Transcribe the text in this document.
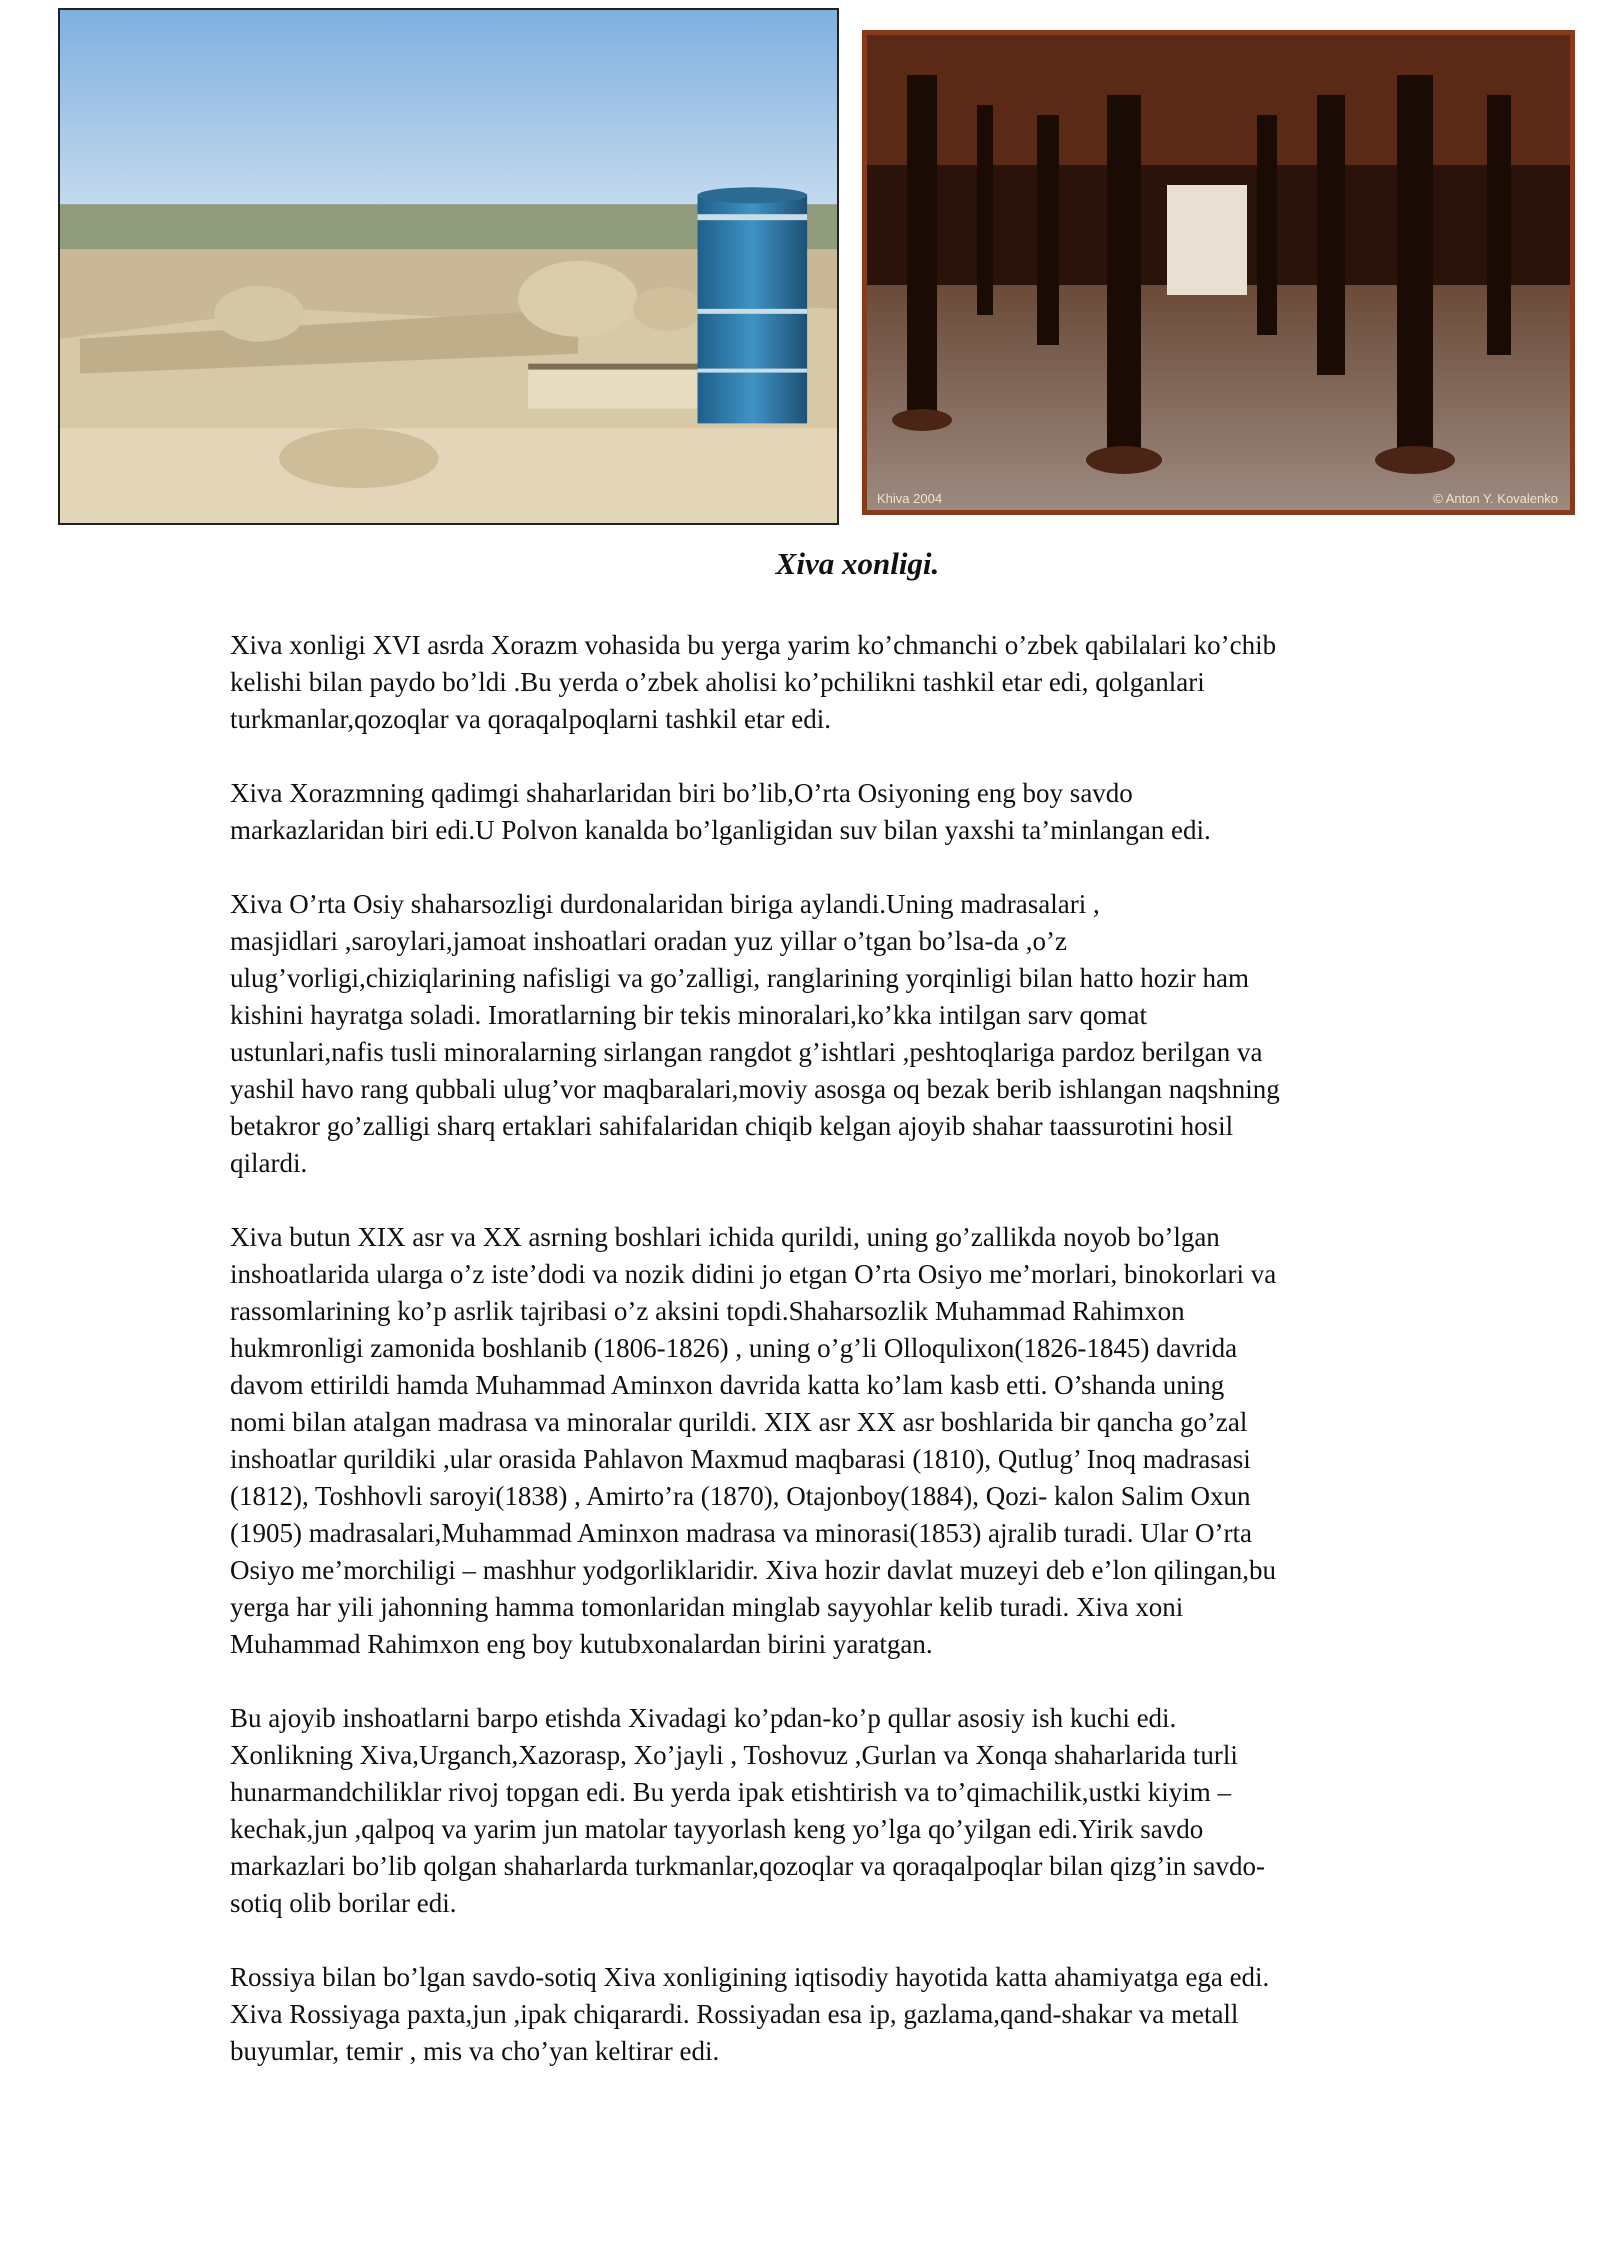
Khiva 2004	© Anton Y. Kovalenko
Xiva xonligi.

Xiva xonligi XVI asrda Xorazm vohasida bu yerga yarim ko’chmanchi o’zbek qabilalari ko’chib
kelishi bilan paydo bo’ldi .Bu yerda o’zbek aholisi ko’pchilikni tashkil etar edi, qolganlari
turkmanlar,qozoqlar va qoraqalpoqlarni tashkil etar edi.

Xiva Xorazmning qadimgi shaharlaridan biri bo’lib,O’rta Osiyoning eng boy savdo
markazlaridan biri edi.U Polvon kanalda bo’lganligidan suv bilan yaxshi ta’minlangan edi.

Xiva O’rta Osiy shaharsozligi durdonalaridan biriga aylandi.Uning madrasalari ,
masjidlari ,saroylari,jamoat inshoatlari oradan yuz yillar o’tgan bo’lsa-da ,o’z
ulug’vorligi,chiziqlarining nafisligi va go’zalligi, ranglarining yorqinligi bilan hatto hozir ham
kishini hayratga soladi. Imoratlarning bir tekis minoralari,ko’kka intilgan sarv qomat
ustunlari,nafis tusli minoralarning sirlangan rangdot g’ishtlari ,peshtoqlariga pardoz berilgan va
yashil havo rang qubbali ulug’vor maqbaralari,moviy asosga oq bezak berib ishlangan naqshning
betakror go’zalligi sharq ertaklari sahifalaridan chiqib kelgan ajoyib shahar taassurotini hosil
qilardi.

Xiva butun XIX asr va XX asrning boshlari ichida qurildi, uning go’zallikda noyob bo’lgan
inshoatlarida ularga o’z iste’dodi va nozik didini jo etgan O’rta Osiyo me’morlari, binokorlari va
rassomlarining ko’p asrlik tajribasi o’z aksini topdi.Shaharsozlik Muhammad Rahimxon
hukmronligi zamonida boshlanib (1806-1826) , uning o’g’li Olloqulixon(1826-1845) davrida
davom ettirildi hamda Muhammad Aminxon davrida katta ko’lam kasb etti. O’shanda uning
nomi bilan atalgan madrasa va minoralar qurildi. XIX asr XX asr boshlarida bir qancha go’zal
inshoatlar qurildiki ,ular orasida Pahlavon Maxmud maqbarasi (1810), Qutlug’ Inoq madrasasi
(1812), Toshhovli saroyi(1838) , Amirto’ra (1870), Otajonboy(1884), Qozi- kalon Salim Oxun
(1905) madrasalari,Muhammad Aminxon madrasa va minorasi(1853) ajralib turadi. Ular O’rta
Osiyo me’morchiligi – mashhur yodgorliklaridir. Xiva hozir davlat muzeyi deb e’lon qilingan,bu
yerga har yili jahonning hamma tomonlaridan minglab sayyohlar kelib turadi. Xiva xoni
Muhammad Rahimxon eng boy kutubxonalardan birini yaratgan.

Bu ajoyib inshoatlarni barpo etishda Xivadagi ko’pdan-ko’p qullar asosiy ish kuchi edi.
Xonlikning Xiva,Urganch,Xazorasp, Xo’jayli , Toshovuz ,Gurlan va Xonqa shaharlarida turli
hunarmandchiliklar rivoj topgan edi. Bu yerda ipak etishtirish va to’qimachilik,ustki kiyim –
kechak,jun ,qalpoq va yarim jun matolar tayyorlash keng yo’lga qo’yilgan edi.Yirik savdo
markazlari bo’lib qolgan shaharlarda turkmanlar,qozoqlar va qoraqalpoqlar bilan qizg’in savdo-
sotiq olib borilar edi.

Rossiya bilan bo’lgan savdo-sotiq Xiva xonligining iqtisodiy hayotida katta ahamiyatga ega edi.
Xiva Rossiyaga paxta,jun ,ipak chiqarardi. Rossiyadan esa ip, gazlama,qand-shakar va metall
buyumlar, temir , mis va cho’yan keltirar edi.
